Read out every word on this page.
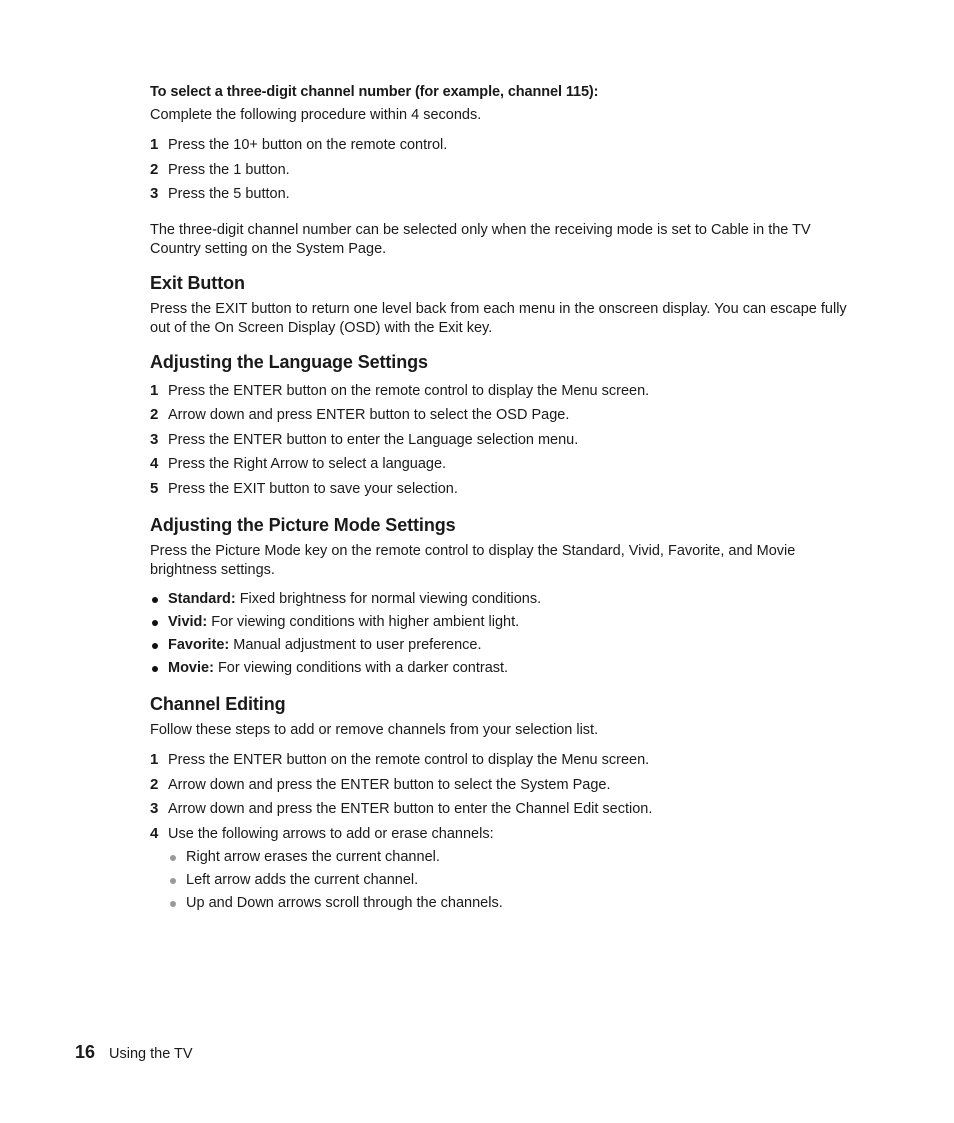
To select a three-digit channel number (for example, channel 115):
Complete the following procedure within 4 seconds.
1 Press the 10+ button on the remote control.
2 Press the 1 button.
3 Press the 5 button.
The three-digit channel number can be selected only when the receiving mode is set to Cable in the TV Country setting on the System Page.
Exit Button
Press the EXIT button to return one level back from each menu in the onscreen display. You can escape fully out of the On Screen Display (OSD) with the Exit key.
Adjusting the Language Settings
1 Press the ENTER button on the remote control to display the Menu screen.
2 Arrow down and press ENTER button to select the OSD Page.
3 Press the ENTER button to enter the Language selection menu.
4 Press the Right Arrow to select a language.
5 Press the EXIT button to save your selection.
Adjusting the Picture Mode Settings
Press the Picture Mode key on the remote control to display the Standard, Vivid, Favorite, and Movie brightness settings.
Standard: Fixed brightness for normal viewing conditions.
Vivid: For viewing conditions with higher ambient light.
Favorite: Manual adjustment to user preference.
Movie: For viewing conditions with a darker contrast.
Channel Editing
Follow these steps to add or remove channels from your selection list.
1 Press the ENTER button on the remote control to display the Menu screen.
2 Arrow down and press the ENTER button to select the System Page.
3 Arrow down and press the ENTER button to enter the Channel Edit section.
4 Use the following arrows to add or erase channels:
Right arrow erases the current channel.
Left arrow adds the current channel.
Up and Down arrows scroll through the channels.
16 Using the TV
